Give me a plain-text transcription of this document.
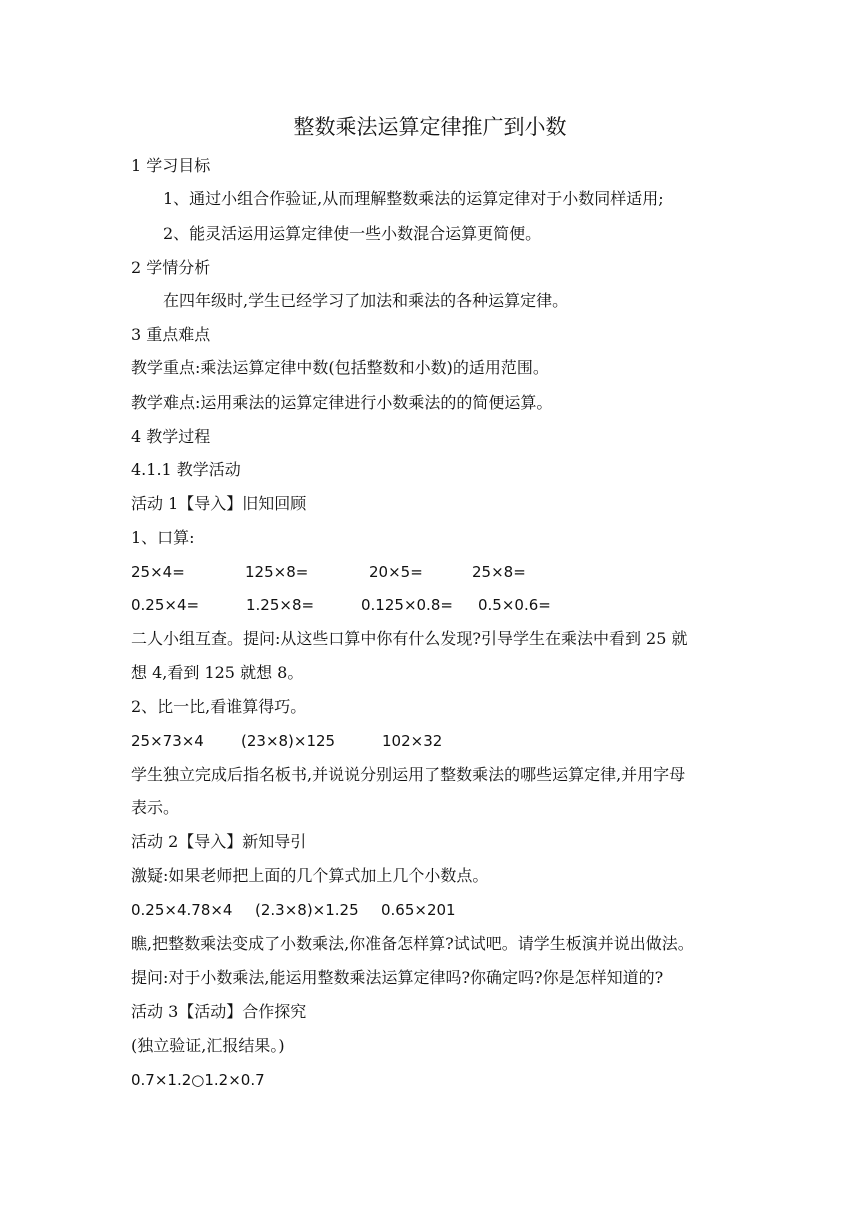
整数乘法运算定律推广到小数
1 学习目标
1、通过小组合作验证,从而理解整数乘法的运算定律对于小数同样适用;
2、能灵活运用运算定律使一些小数混合运算更简便。
2 学情分析
在四年级时,学生已经学习了加法和乘法的各种运算定律。
3 重点难点
教学重点:乘法运算定律中数(包括整数和小数)的适用范围。
教学难点:运用乘法的运算定律进行小数乘法的的简便运算。
4 教学过程
4.1.1 教学活动
活动 1【导入】旧知回顾
1、口算:
25×4=	125×8=	20×5=	25×8=
0.25×4=	1.25×8=	0.125×0.8= 0.5×0.6=
二人小组互查。提问:从这些口算中你有什么发现?引导学生在乘法中看到 25 就
想 4,看到 125 就想 8。
2、比一比,看谁算得巧。
25×73×4 (23×8)×125	102×32
学生独立完成后指名板书,并说说分别运用了整数乘法的哪些运算定律,并用字母
表示。
活动 2【导入】新知导引
激疑:如果老师把上面的几个算式加上几个小数点。
0.25×4.78×4 (2.3×8)×1.25 0.65×201
瞧,把整数乘法变成了小数乘法,你准备怎样算?试试吧。请学生板演并说出做法。
提问:对于小数乘法,能运用整数乘法运算定律吗?你确定吗?你是怎样知道的?
活动 3【活动】合作探究
(独立验证,汇报结果。)
0.7×1.2○1.2×0.7
